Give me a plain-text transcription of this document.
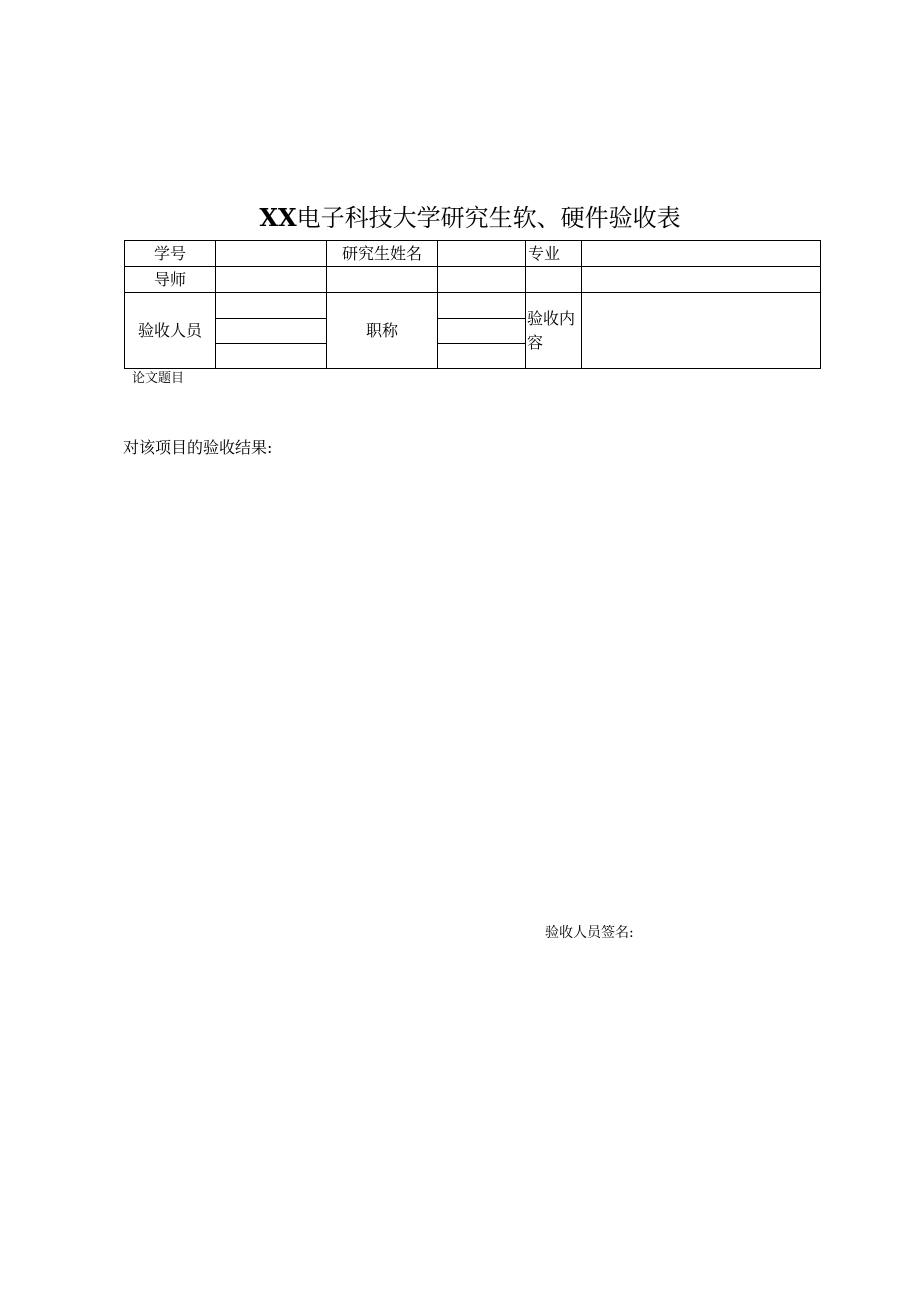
XX电子科技大学研究生软、硬件验收表
学号		研究生姓名		专业	
导师					
验收人员		职称		验收内容	
论文题目
对该项目的验收结果:
验收人员签名:
